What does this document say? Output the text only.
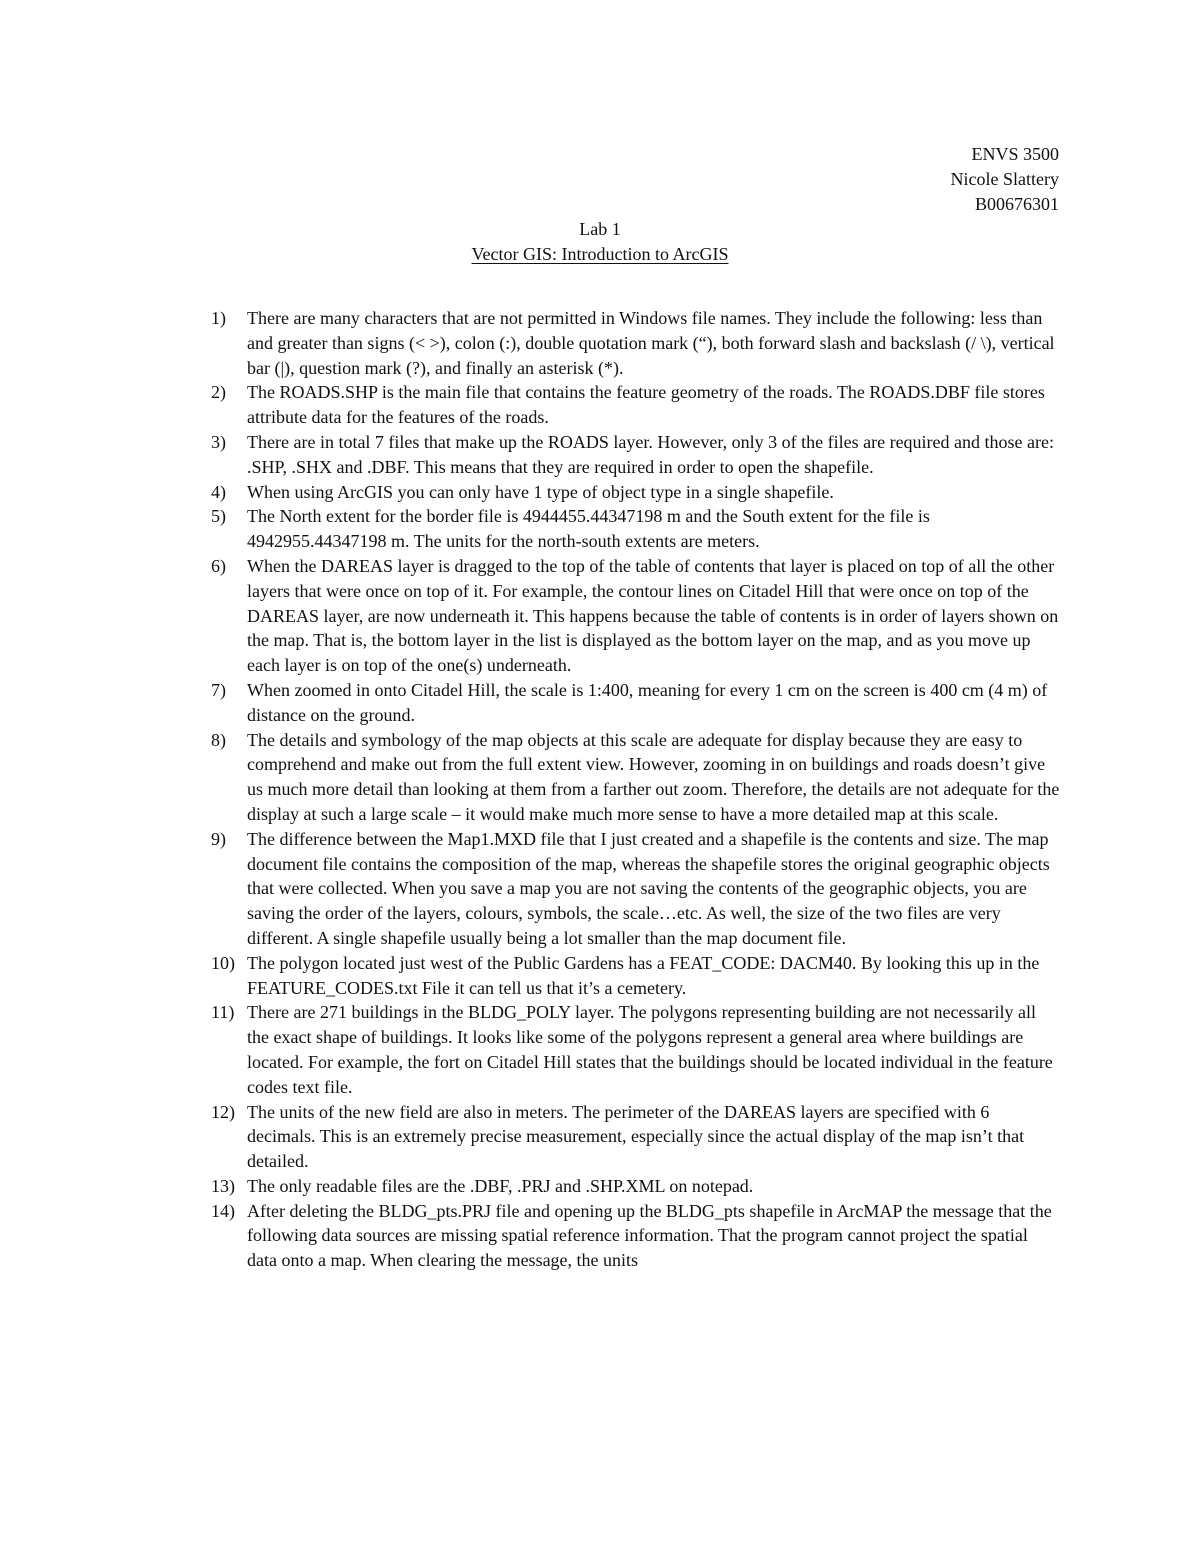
ENVS 3500
Nicole Slattery
B00676301
Lab 1
Vector GIS: Introduction to ArcGIS
1)	There are many characters that are not permitted in Windows file names. They include the following: less than and greater than signs (< >), colon (:), double quotation mark (“), both forward slash and backslash (/ \), vertical bar (|), question mark (?), and finally an asterisk (*).
2)	The ROADS.SHP is the main file that contains the feature geometry of the roads. The ROADS.DBF file stores attribute data for the features of the roads.
3)	There are in total 7 files that make up the ROADS layer. However, only 3 of the files are required and those are: .SHP, .SHX and .DBF. This means that they are required in order to open the shapefile.
4)	When using ArcGIS you can only have 1 type of object type in a single shapefile.
5)	The North extent for the border file is 4944455.44347198 m and the South extent for the file is 4942955.44347198 m. The units for the north-south extents are meters.
6)	When the DAREAS layer is dragged to the top of the table of contents that layer is placed on top of all the other layers that were once on top of it. For example, the contour lines on Citadel Hill that were once on top of the DAREAS layer, are now underneath it. This happens because the table of contents is in order of layers shown on the map. That is, the bottom layer in the list is displayed as the bottom layer on the map, and as you move up each layer is on top of the one(s) underneath.
7)	When zoomed in onto Citadel Hill, the scale is 1:400, meaning for every 1 cm on the screen is 400 cm (4 m) of distance on the ground.
8)	The details and symbology of the map objects at this scale are adequate for display because they are easy to comprehend and make out from the full extent view. However, zooming in on buildings and roads doesn’t give us much more detail than looking at them from a farther out zoom. Therefore, the details are not adequate for the display at such a large scale – it would make much more sense to have a more detailed map at this scale.
9)	The difference between the Map1.MXD file that I just created and a shapefile is the contents and size. The map document file contains the composition of the map, whereas the shapefile stores the original geographic objects that were collected. When you save a map you are not saving the contents of the geographic objects, you are saving the order of the layers, colours, symbols, the scale…etc. As well, the size of the two files are very different. A single shapefile usually being a lot smaller than the map document file.
10) The polygon located just west of the Public Gardens has a FEAT_CODE: DACM40. By looking this up in the FEATURE_CODES.txt File it can tell us that it’s a cemetery.
11) There are 271 buildings in the BLDG_POLY layer. The polygons representing building are not necessarily all the exact shape of buildings. It looks like some of the polygons represent a general area where buildings are located. For example, the fort on Citadel Hill states that the buildings should be located individual in the feature codes text file.
12) The units of the new field are also in meters. The perimeter of the DAREAS layers are specified with 6 decimals. This is an extremely precise measurement, especially since the actual display of the map isn’t that detailed.
13) The only readable files are the .DBF, .PRJ and .SHP.XML on notepad.
14) After deleting the BLDG_pts.PRJ file and opening up the BLDG_pts shapefile in ArcMAP the message that the following data sources are missing spatial reference information. That the program cannot project the spatial data onto a map. When clearing the message, the units
